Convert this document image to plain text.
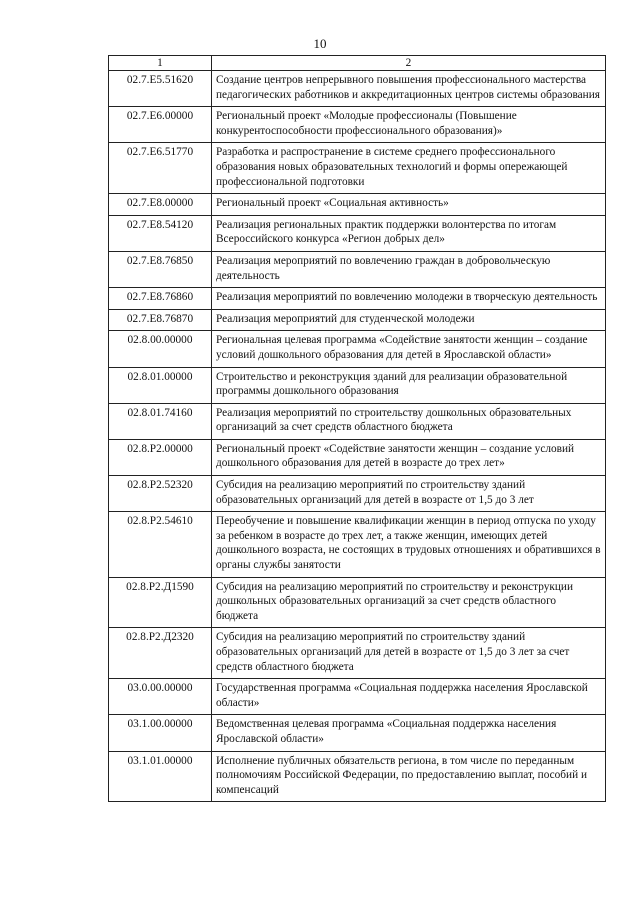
10
1	2
02.7.E5.51620	Создание центров непрерывного повышения профессионального мастерства педагогических работников и аккредитационных центров системы образования
02.7.E6.00000	Региональный проект «Молодые профессионалы (Повышение конкурентоспособности профессионального образования)»
02.7.E6.51770	Разработка и распространение в системе среднего профессионального образования новых образовательных технологий и формы опережающей профессиональной подготовки
02.7.E8.00000	Региональный проект «Социальная активность»
02.7.E8.54120	Реализация региональных практик поддержки волонтерства по итогам Всероссийского конкурса «Регион добрых дел»
02.7.E8.76850	Реализация мероприятий по вовлечению граждан в добровольческую деятельность
02.7.E8.76860	Реализация мероприятий по вовлечению молодежи в творческую деятельность
02.7.E8.76870	Реализация мероприятий для студенческой молодежи
02.8.00.00000	Региональная целевая программа «Содействие занятости женщин – создание условий дошкольного образования для детей в Ярославской области»
02.8.01.00000	Строительство и реконструкция зданий для реализации образовательной программы дошкольного образования
02.8.01.74160	Реализация мероприятий по строительству дошкольных образовательных организаций за счет средств областного бюджета
02.8.P2.00000	Региональный проект «Содействие занятости женщин – создание условий дошкольного образования для детей в возрасте до трех лет»
02.8.P2.52320	Субсидия на реализацию мероприятий по строительству зданий образовательных организаций для детей в возрасте от 1,5 до 3 лет
02.8.P2.54610	Переобучение и повышение квалификации женщин в период отпуска по уходу за ребенком в возрасте до трех лет, а также женщин, имеющих детей дошкольного возраста, не состоящих в трудовых отношениях и обратившихся в органы службы занятости
02.8.P2.Д1590	Субсидия на реализацию мероприятий по строительству и реконструкции дошкольных образовательных организаций за счет средств областного бюджета
02.8.P2.Д2320	Субсидия на реализацию мероприятий по строительству зданий образовательных организаций для детей в возрасте от 1,5 до 3 лет за счет средств областного бюджета
03.0.00.00000	Государственная программа «Социальная поддержка населения Ярославской области»
03.1.00.00000	Ведомственная целевая программа «Социальная поддержка населения Ярославской области»
03.1.01.00000	Исполнение публичных обязательств региона, в том числе по переданным полномочиям Российской Федерации, по предоставлению выплат, пособий и компенсаций
